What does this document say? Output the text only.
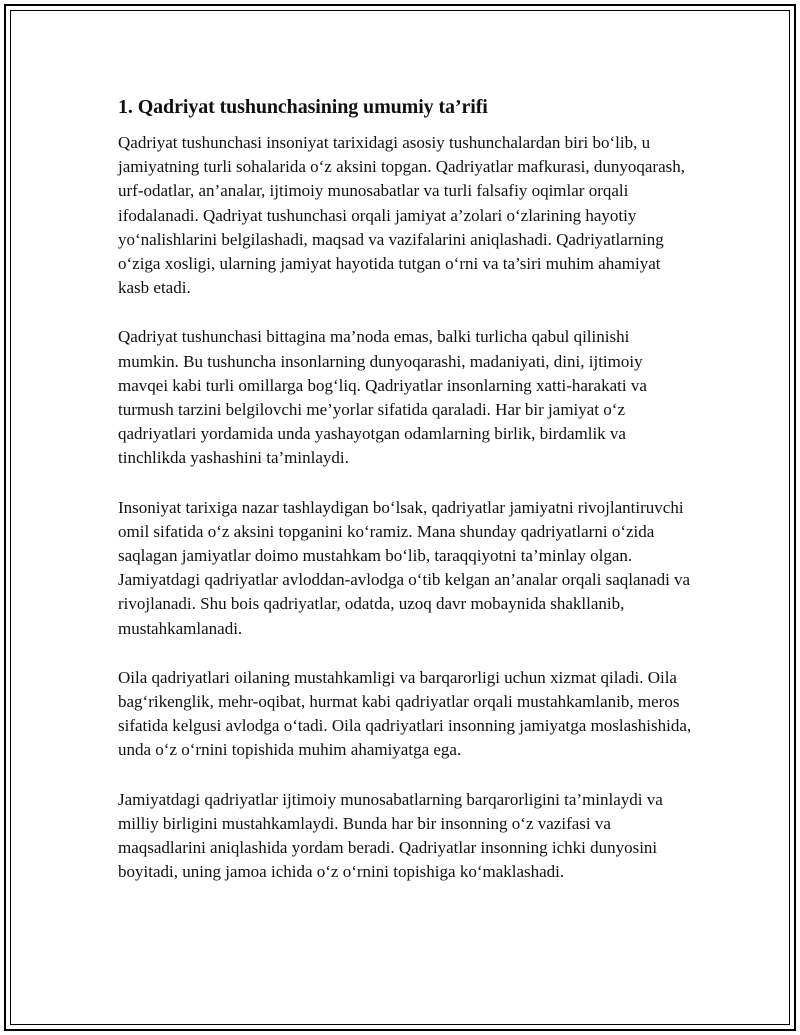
1. Qadriyat tushunchasining umumiy ta’rifi

Qadriyat tushunchasi insoniyat tarixidagi asosiy tushunchalardan biri bo‘lib, u jamiyatning turli sohalarida o‘z aksini topgan. Qadriyatlar mafkurasi, dunyoqarash, urf-odatlar, an’analar, ijtimoiy munosabatlar va turli falsafiy oqimlar orqali ifodalanadi. Qadriyat tushunchasi orqali jamiyat a’zolari o‘zlarining hayotiy yo‘nalishlarini belgilashadi, maqsad va vazifalarini aniqlashadi. Qadriyatlarning o‘ziga xosligi, ularning jamiyat hayotida tutgan o‘rni va ta’siri muhim ahamiyat kasb etadi.

Qadriyat tushunchasi bittagina ma’noda emas, balki turlicha qabul qilinishi mumkin. Bu tushuncha insonlarning dunyoqarashi, madaniyati, dini, ijtimoiy mavqei kabi turli omillarga bog‘liq. Qadriyatlar insonlarning xatti-harakati va turmush tarzini belgilovchi me’yorlar sifatida qaraladi. Har bir jamiyat o‘z qadriyatlari yordamida unda yashayotgan odamlarning birlik, birdamlik va tinchlikda yashashini ta’minlaydi.

Insoniyat tarixiga nazar tashlaydigan bo‘lsak, qadriyatlar jamiyatni rivojlantiruvchi omil sifatida o‘z aksini topganini ko‘ramiz. Mana shunday qadriyatlarni o‘zida saqlagan jamiyatlar doimo mustahkam bo‘lib, taraqqiyotni ta’minlay olgan. Jamiyatdagi qadriyatlar avloddan-avlodga o‘tib kelgan an’analar orqali saqlanadi va rivojlanadi. Shu bois qadriyatlar, odatda, uzoq davr mobaynida shakllanib, mustahkamlanadi.

Oila qadriyatlari oilaning mustahkamligi va barqarorligi uchun xizmat qiladi. Oila bag‘rikenglik, mehr-oqibat, hurmat kabi qadriyatlar orqali mustahkamlanib, meros sifatida kelgusi avlodga o‘tadi. Oila qadriyatlari insonning jamiyatga moslashishida, unda o‘z o‘rnini topishida muhim ahamiyatga ega.

Jamiyatdagi qadriyatlar ijtimoiy munosabatlarning barqarorligini ta’minlaydi va milliy birligini mustahkamlaydi. Bunda har bir insonning o‘z vazifasi va maqsadlarini aniqlashida yordam beradi. Qadriyatlar insonning ichki dunyosini boyitadi, uning jamoa ichida o‘z o‘rnini topishiga ko‘maklashadi.
